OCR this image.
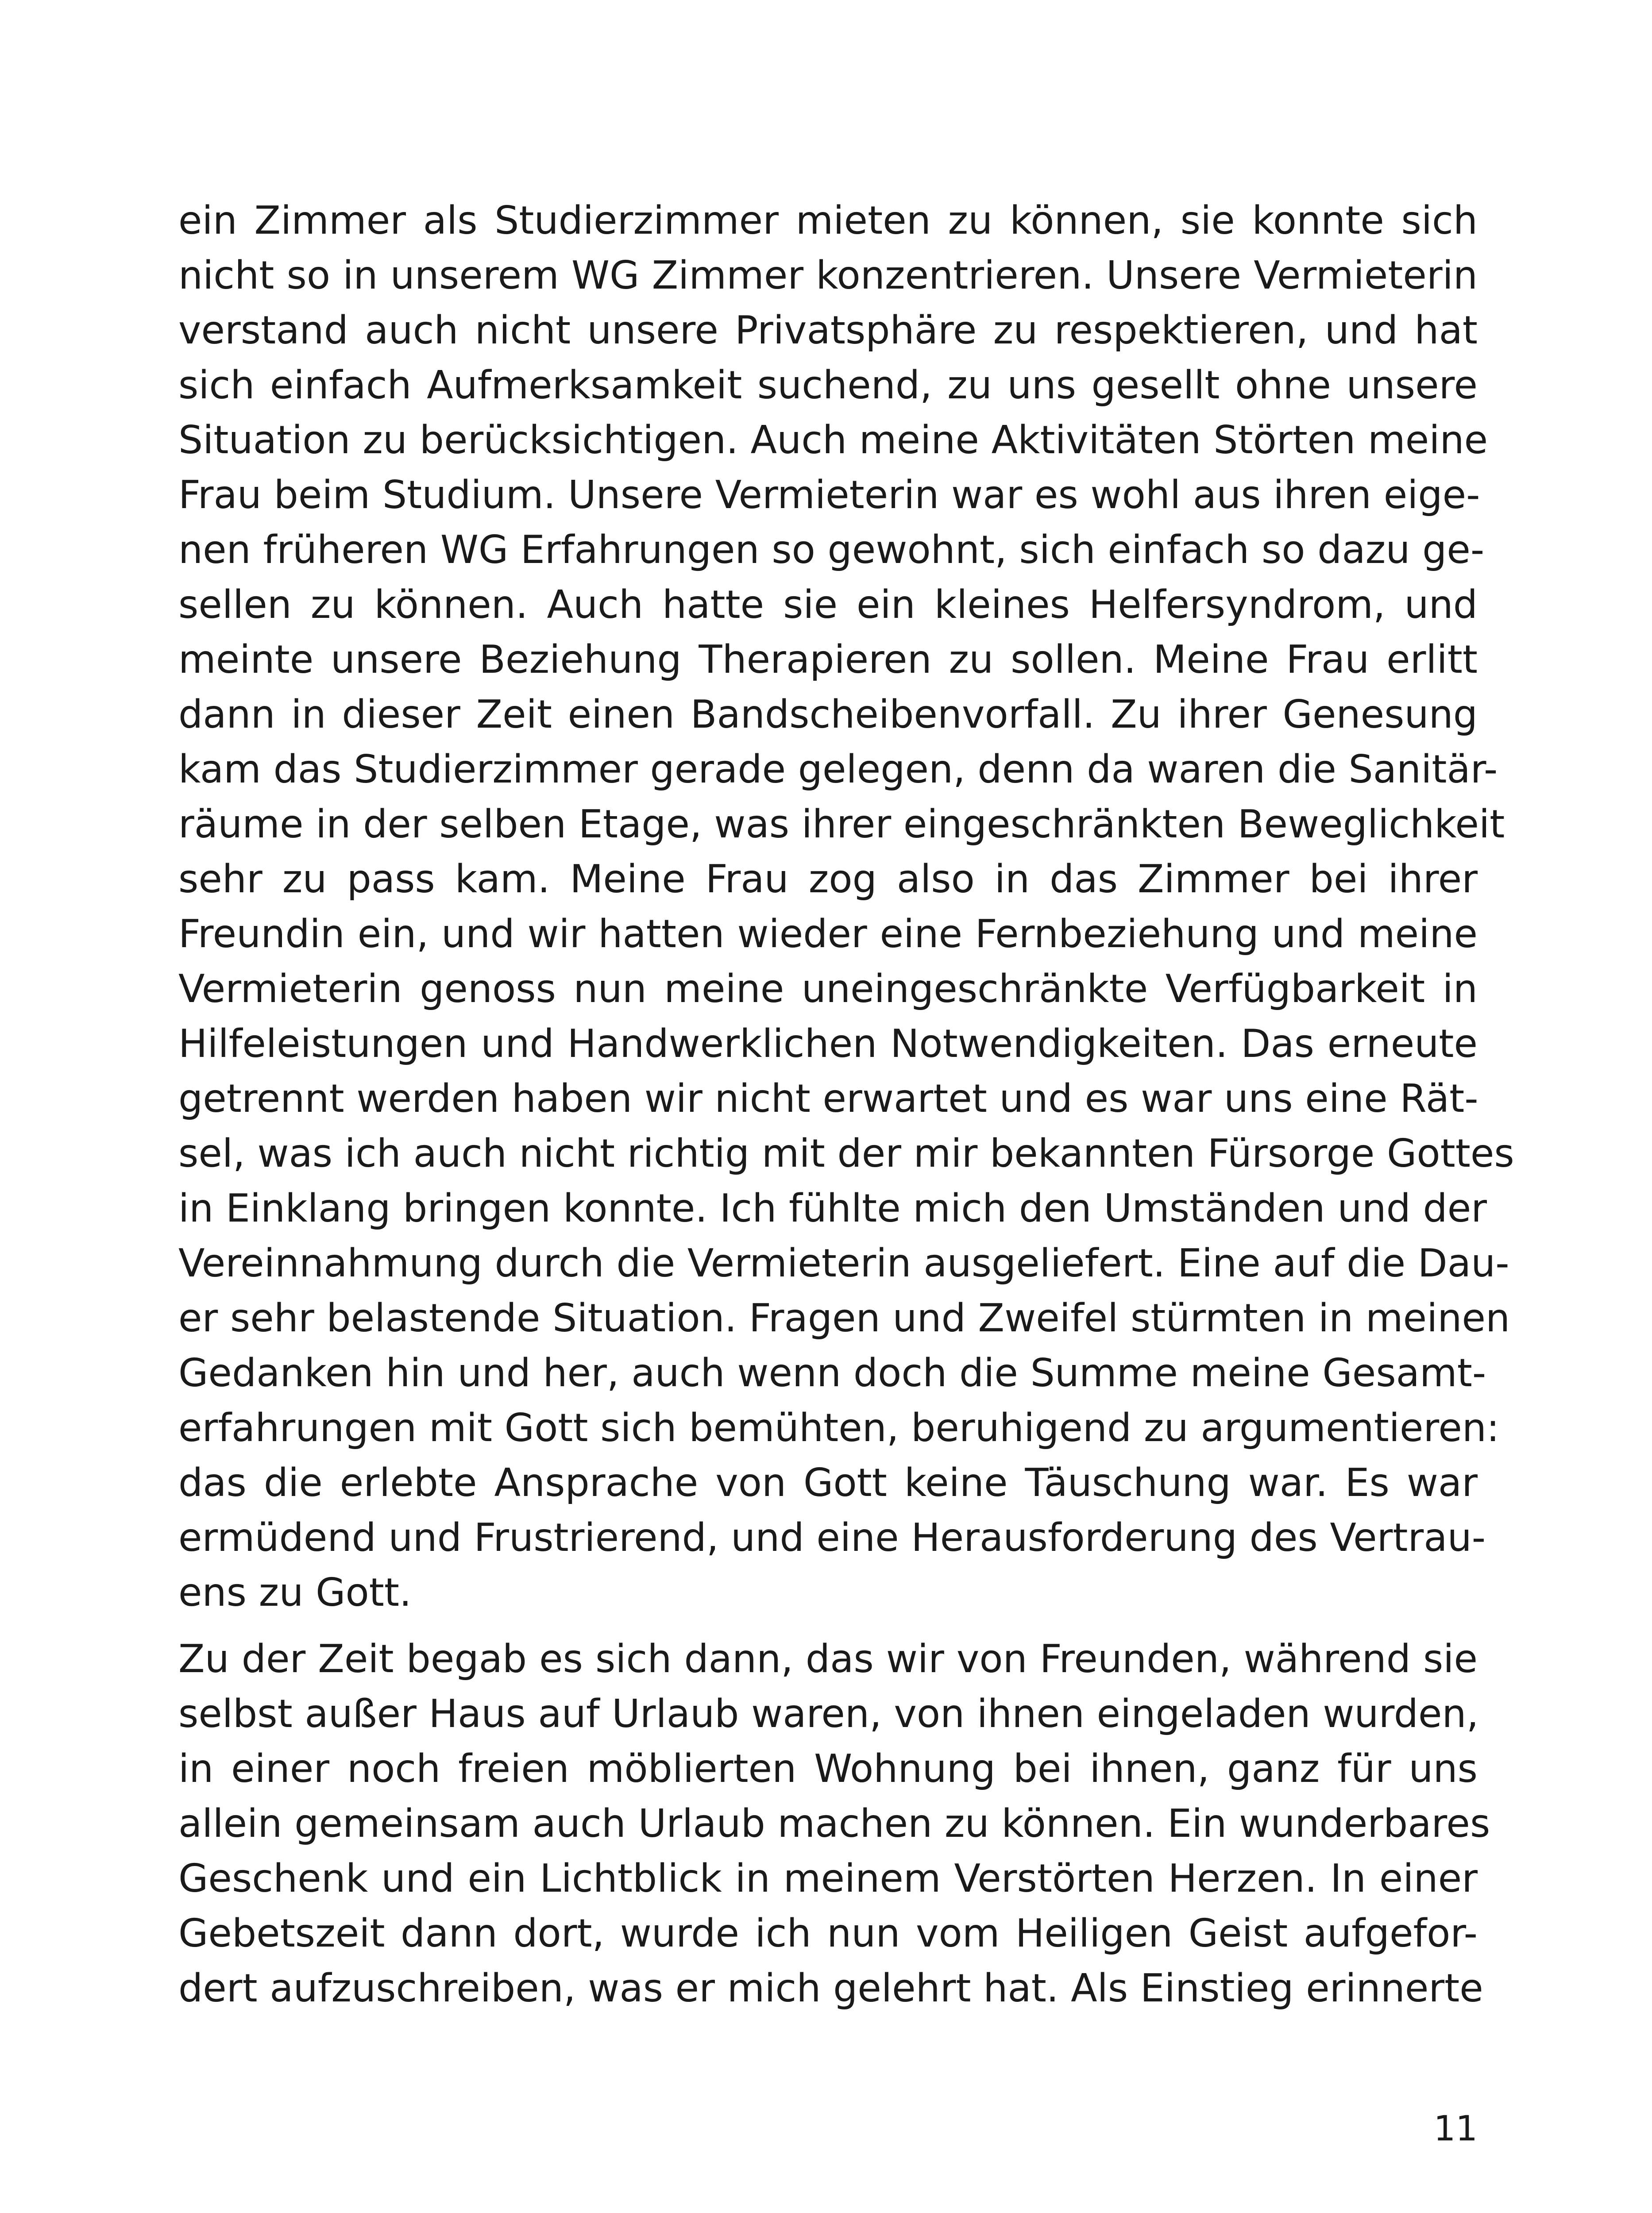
ein Zimmer als Studierzimmer mieten zu können, sie konnte sich
nicht so in unserem WG Zimmer konzentrieren. Unsere Vermieterin
verstand auch nicht unsere Privatsphäre zu respektieren, und hat
sich einfach Aufmerksamkeit suchend, zu uns gesellt ohne unsere
Situation zu berücksichtigen. Auch meine Aktivitäten Störten meine
Frau beim Studium. Unsere Vermieterin war es wohl aus ihren eige-
nen früheren WG Erfahrungen so gewohnt, sich einfach so dazu ge-
sellen zu können. Auch hatte sie ein kleines Helfersyndrom, und
meinte unsere Beziehung Therapieren zu sollen. Meine Frau erlitt
dann in dieser Zeit einen Bandscheibenvorfall. Zu ihrer Genesung
kam das Studierzimmer gerade gelegen, denn da waren die Sanitär-
räume in der selben Etage, was ihrer eingeschränkten Beweglichkeit
sehr zu pass kam. Meine Frau zog also in das Zimmer bei ihrer
Freundin ein, und wir hatten wieder eine Fernbeziehung und meine
Vermieterin genoss nun meine uneingeschränkte Verfügbarkeit in
Hilfeleistungen und Handwerklichen Notwendigkeiten. Das erneute
getrennt werden haben wir nicht erwartet und es war uns eine Rät-
sel, was ich auch nicht richtig mit der mir bekannten Fürsorge Gottes
in Einklang bringen konnte. Ich fühlte mich den Umständen und der
Vereinnahmung durch die Vermieterin ausgeliefert. Eine auf die Dau-
er sehr belastende Situation. Fragen und Zweifel stürmten in meinen
Gedanken hin und her, auch wenn doch die Summe meine Gesamt-
erfahrungen mit Gott sich bemühten, beruhigend zu argumentieren:
das die erlebte Ansprache von Gott keine Täuschung war. Es war
ermüdend und Frustrierend, und eine Herausforderung des Vertrau-
ens zu Gott.
Zu der Zeit begab es sich dann, das wir von Freunden, während sie
selbst außer Haus auf Urlaub waren, von ihnen eingeladen wurden,
in einer noch freien möblierten Wohnung bei ihnen, ganz für uns
allein gemeinsam auch Urlaub machen zu können. Ein wunderbares
Geschenk und ein Lichtblick in meinem Verstörten Herzen. In einer
Gebetszeit dann dort, wurde ich nun vom Heiligen Geist aufgefor-
dert aufzuschreiben, was er mich gelehrt hat. Als Einstieg erinnerte
11
